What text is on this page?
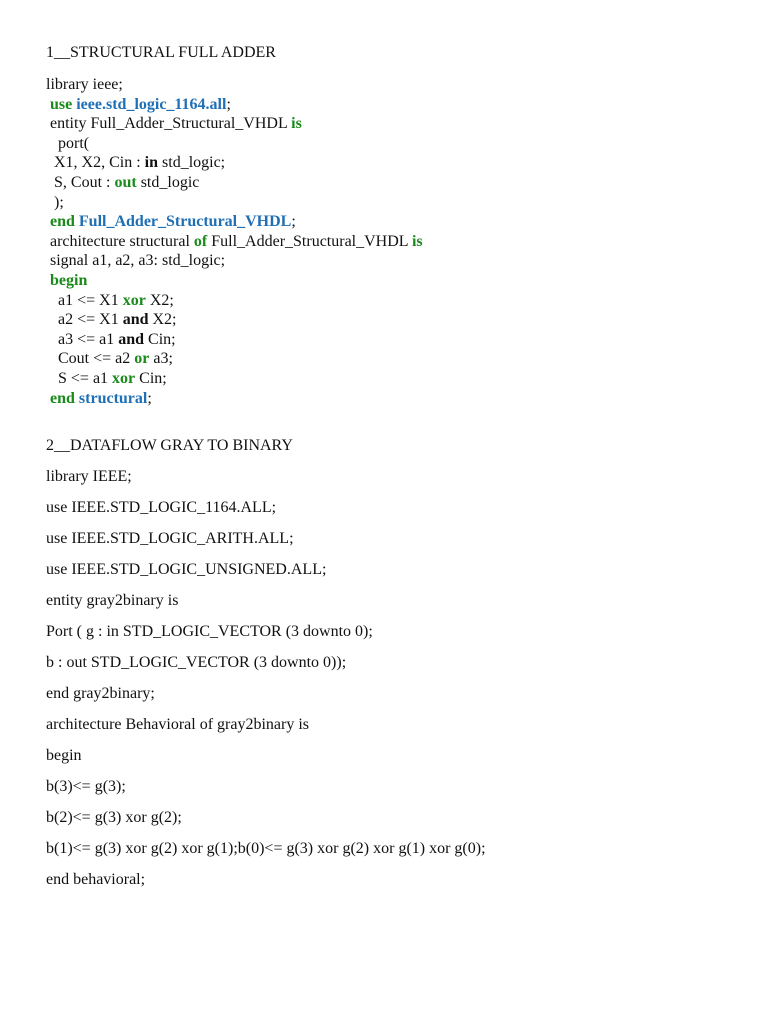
1__STRUCTURAL FULL ADDER
library ieee;
use ieee.std_logic_1164.all;
entity Full_Adder_Structural_VHDL is
port(
X1, X2, Cin : in std_logic;
S, Cout : out std_logic
);
end Full_Adder_Structural_VHDL;
architecture structural of Full_Adder_Structural_VHDL is
signal a1, a2, a3: std_logic;
begin
a1 <= X1 xor X2;
a2 <= X1 and X2;
a3 <= a1 and Cin;
Cout <= a2 or a3;
S <= a1 xor Cin;
end structural;
2__DATAFLOW GRAY TO BINARY
library IEEE;
use IEEE.STD_LOGIC_1164.ALL;
use IEEE.STD_LOGIC_ARITH.ALL;
use IEEE.STD_LOGIC_UNSIGNED.ALL;
entity gray2binary is
Port ( g : in STD_LOGIC_VECTOR (3 downto 0);
b : out STD_LOGIC_VECTOR (3 downto 0));
end gray2binary;
architecture Behavioral of gray2binary is
begin
b(3)<= g(3);
b(2)<= g(3) xor g(2);
b(1)<= g(3) xor g(2) xor g(1);b(0)<= g(3) xor g(2) xor g(1) xor g(0);
end behavioral;
